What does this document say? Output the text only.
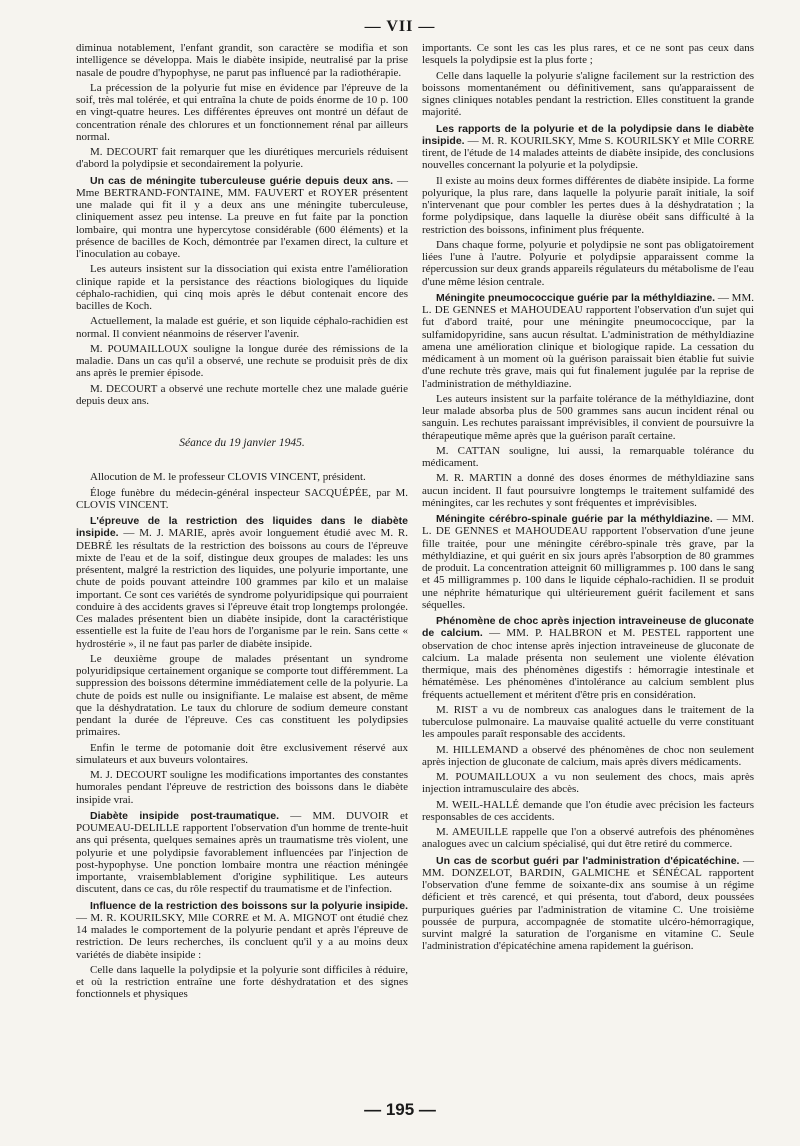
— VII —

diminua notablement, l'enfant grandit, son caractère se modifia et son intelligence se développa. Mais le diabète insipide, neutralisé par la prise nasale de poudre d'hypophyse, ne parut pas influencé par la radiothérapie.

La précession de la polyurie fut mise en évidence par l'épreuve de la soif, très mal tolérée, et qui entraîna la chute de poids énorme de 10 p. 100 en vingt-quatre heures. Les différentes épreuves ont montré un défaut de concentration rénale des chlorures et un fonctionnement rénal par ailleurs normal.

M. DECOURT fait remarquer que les diurétiques mercuriels réduisent d'abord la polydipsie et secondairement la polyurie.

Un cas de méningite tuberculeuse guérie depuis deux ans. — Mme BERTRAND-FONTAINE, MM. FAUVERT et ROYER présentent une malade qui fit il y a deux ans une méningite tuberculeuse, cliniquement assez peu intense. La preuve en fut faite par la ponction lombaire, qui montra une hypercytose considérable (600 éléments) et la présence de bacilles de Koch, démontrée par l'examen direct, la culture et l'inoculation au cobaye.

Les auteurs insistent sur la dissociation qui exista entre l'amélioration clinique rapide et la persistance des réactions biologiques du liquide céphalo-rachidien, qui cinq mois après le début contenait encore des bacilles de Koch.

Actuellement, la malade est guérie, et son liquide céphalo-rachidien est normal. Il convient néanmoins de réserver l'avenir.

M. POUMAILLOUX souligne la longue durée des rémissions de la maladie. Dans un cas qu'il a observé, une rechute se produisit près de dix ans après le premier épisode.

M. DECOURT a observé une rechute mortelle chez une malade guérie depuis deux ans.

Séance du 19 janvier 1945.

Allocution de M. le professeur CLOVIS VINCENT, président.

Éloge funèbre du médecin-général inspecteur SACQUÉPÉE, par M. CLOVIS VINCENT.

L'épreuve de la restriction des liquides dans le diabète insipide. — M. J. MARIE, après avoir longuement étudié avec M. R. DEBRÉ les résultats de la restriction des boissons au cours de l'épreuve mixte de l'eau et de la soif, distingue deux groupes de malades: les uns présentent, malgré la restriction des liquides, une polyurie importante, une chute de poids pouvant atteindre 100 grammes par kilo et un malaise important. Ce sont ces variétés de syndrome polyuridipsique qui pourraient conduire à des accidents graves si l'épreuve était trop longtemps prolongée. Ces malades présentent bien un diabète insipide, dont la caractéristique essentielle est la fuite de l'eau hors de l'organisme par le rein. Sans cette « hydrostérie », il ne faut pas parler de diabète insipide.

Le deuxième groupe de malades présentant un syndrome polyuridipsique certainement organique se comporte tout différemment. La suppression des boissons détermine immédiatement celle de la polyurie. La chute de poids est nulle ou insignifiante. Le malaise est absent, de même que la déshydratation. Le taux du chlorure de sodium demeure constant pendant la durée de l'épreuve. Ces cas constituent les polydipsies primaires.

Enfin le terme de potomanie doit être exclusivement réservé aux simulateurs et aux buveurs volontaires.

M. J. DECOURT souligne les modifications importantes des constantes humorales pendant l'épreuve de restriction des boissons dans le diabète insipide vrai.

Diabète insipide post-traumatique. — MM. DUVOIR et POUMEAU-DELILLE rapportent l'observation d'un homme de trente-huit ans qui présenta, quelques semaines après un traumatisme très violent, une polyurie et une polydipsie favorablement influencées par l'injection de post-hypophyse. Une ponction lombaire montra une réaction méningée importante, vraisemblablement d'origine syphilitique. Les auteurs discutent, dans ce cas, du rôle respectif du traumatisme et de l'infection.

Influence de la restriction des boissons sur la polyurie insipide. — M. R. KOURILSKY, Mlle CORRE et M. A. MIGNOT ont étudié chez 14 malades le comportement de la polyurie pendant et après l'épreuve de restriction. De leurs recherches, ils concluent qu'il y a au moins deux variétés de diabète insipide :

Celle dans laquelle la polydipsie et la polyurie sont difficiles à réduire, et où la restriction entraîne une forte déshydratation et des signes fonctionnels et physiques

importants. Ce sont les cas les plus rares, et ce ne sont pas ceux dans lesquels la polydipsie est la plus forte ;

Celle dans laquelle la polyurie s'aligne facilement sur la restriction des boissons momentanément ou définitivement, sans qu'apparaissent de signes cliniques notables pendant la restriction. Elles constituent la grande majorité.

Les rapports de la polyurie et de la polydipsie dans le diabète insipide. — M. R. KOURILSKY, Mme S. KOURILSKY et Mlle CORRE tirent, de l'étude de 14 malades atteints de diabète insipide, des conclusions nouvelles concernant la polyurie et la polydipsie.

Il existe au moins deux formes différentes de diabète insipide. La forme polyurique, la plus rare, dans laquelle la polyurie paraît initiale, la soif n'intervenant que pour combler les pertes dues à la déshydratation ; la forme polydipsique, dans laquelle la diurèse obéit sans difficulté à la restriction des boissons, infiniment plus fréquente.

Dans chaque forme, polyurie et polydipsie ne sont pas obligatoirement liées l'une à l'autre. Polyurie et polydipsie apparaissent comme la répercussion sur deux grands appareils régulateurs du métabolisme de l'eau d'une même lésion centrale.

Méningite pneumococcique guérie par la méthyldiazine. — MM. L. DE GENNES et MAHOUDEAU rapportent l'observation d'un sujet qui fut d'abord traité, pour une méningite pneumococcique, par la sulfamidopyridine, sans aucun résultat. L'administration de méthyldiazine amena une amélioration clinique et biologique rapide. La cessation du médicament à un moment où la guérison paraissait bien établie fut suivie d'une rechute très grave, mais qui fut finalement jugulée par la reprise de l'administration de méthyldiazine.

Les auteurs insistent sur la parfaite tolérance de la méthyldiazine, dont leur malade absorba plus de 500 grammes sans aucun incident rénal ou sanguin. Les rechutes paraissant imprévisibles, il convient de poursuivre la thérapeutique même après que la guérison paraît certaine.

M. CATTAN souligne, lui aussi, la remarquable tolérance du médicament.

M. R. MARTIN a donné des doses énormes de méthyldiazine sans aucun incident. Il faut poursuivre longtemps le traitement sulfamidé des méningites, car les rechutes y sont fréquentes et imprévisibles.

Méningite cérébro-spinale guérie par la méthyldiazine. — MM. L. DE GENNES et MAHOUDEAU rapportent l'observation d'une jeune fille traitée, pour une méningite cérébro-spinale très grave, par la méthyldiazine, et qui guérit en six jours après l'absorption de 80 grammes de produit. La concentration atteignit 60 milligrammes p. 100 dans le sang et 45 milligrammes p. 100 dans le liquide céphalo-rachidien. Il se produit une néphrite hématurique qui ultérieurement guérit facilement et sans séquelles.

Phénomène de choc après injection intraveineuse de gluconate de calcium. — MM. P. HALBRON et M. PESTEL rapportent une observation de choc intense après injection intraveineuse de gluconate de calcium. La malade présenta non seulement une violente élévation thermique, mais des phénomènes digestifs : hémorragie intestinale et hématémèse. Les phénomènes d'intolérance au calcium semblent plus fréquents actuellement et méritent d'être pris en considération.

M. RIST a vu de nombreux cas analogues dans le traitement de la tuberculose pulmonaire. La mauvaise qualité actuelle du verre constituant les ampoules paraît responsable des accidents.

M. HILLEMAND a observé des phénomènes de choc non seulement après injection de gluconate de calcium, mais après divers médicaments.

M. POUMAILLOUX a vu non seulement des chocs, mais après injection intramusculaire des abcès.

M. WEIL-HALLÉ demande que l'on étudie avec précision les facteurs responsables de ces accidents.

M. AMEUILLE rappelle que l'on a observé autrefois des phénomènes analogues avec un calcium spécialisé, qui dut être retiré du commerce.

Un cas de scorbut guéri par l'administration d'épicatéchine. — MM. DONZELOT, BARDIN, GALMICHE et SÉNÉCAL rapportent l'observation d'une femme de soixante-dix ans soumise à un régime déficient et très carencé, et qui présenta, tout d'abord, deux poussées purpuriques guéries par l'administration de vitamine C. Une troisième poussée de purpura, accompagnée de stomatite ulcéro-hémorragique, survint malgré la saturation de l'organisme en vitamine C. Seule l'administration d'épicatéchine amena rapidement la guérison.

— 195 —
